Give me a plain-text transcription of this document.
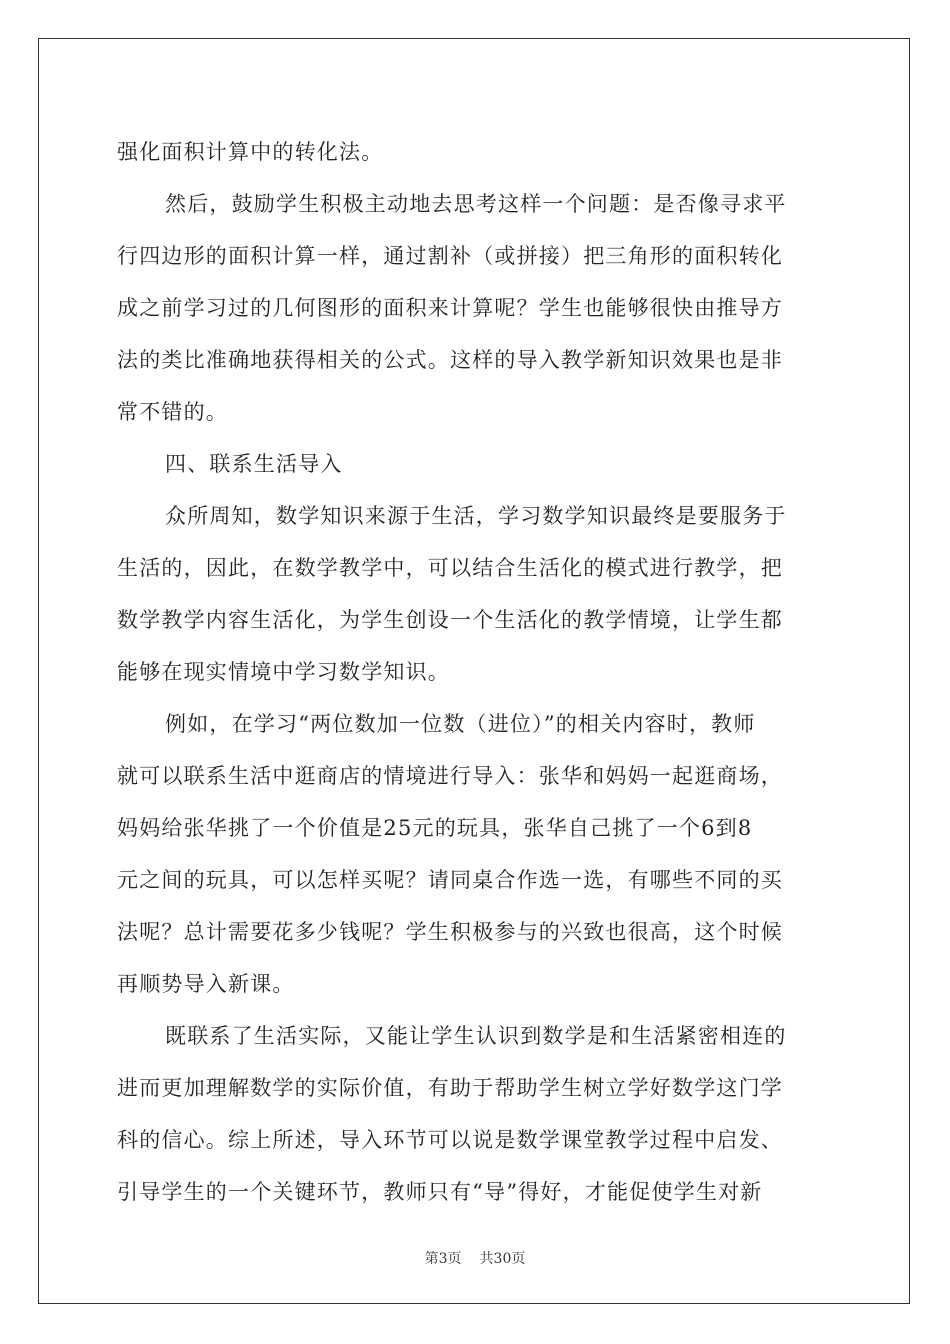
强化面积计算中的转化法。
然后，鼓励学生积极主动地去思考这样一个问题：是否像寻求平
行四边形的面积计算一样，通过割补（或拼接）把三角形的面积转化
成之前学习过的几何图形的面积来计算呢？学生也能够很快由推导方
法的类比准确地获得相关的公式。这样的导入教学新知识效果也是非
常不错的。
四、联系生活导入
众所周知，数学知识来源于生活，学习数学知识最终是要服务于
生活的，因此，在数学教学中，可以结合生活化的模式进行教学，把
数学教学内容生活化，为学生创设一个生活化的教学情境，让学生都
能够在现实情境中学习数学知识。
例如，在学习“两位数加一位数（进位）”的相关内容时，教师
就可以联系生活中逛商店的情境进行导入：张华和妈妈一起逛商场，
妈妈给张华挑了一个价值是25元的玩具，张华自己挑了一个6到8
元之间的玩具，可以怎样买呢？请同桌合作选一选，有哪些不同的买
法呢？总计需要花多少钱呢？学生积极参与的兴致也很高，这个时候
再顺势导入新课。
既联系了生活实际，又能让学生认识到数学是和生活紧密相连的
进而更加理解数学的实际价值，有助于帮助学生树立学好数学这门学
科的信心。综上所述，导入环节可以说是数学课堂教学过程中启发、
引导学生的一个关键环节，教师只有“导”得好，才能促使学生对新
第3页 共30页
